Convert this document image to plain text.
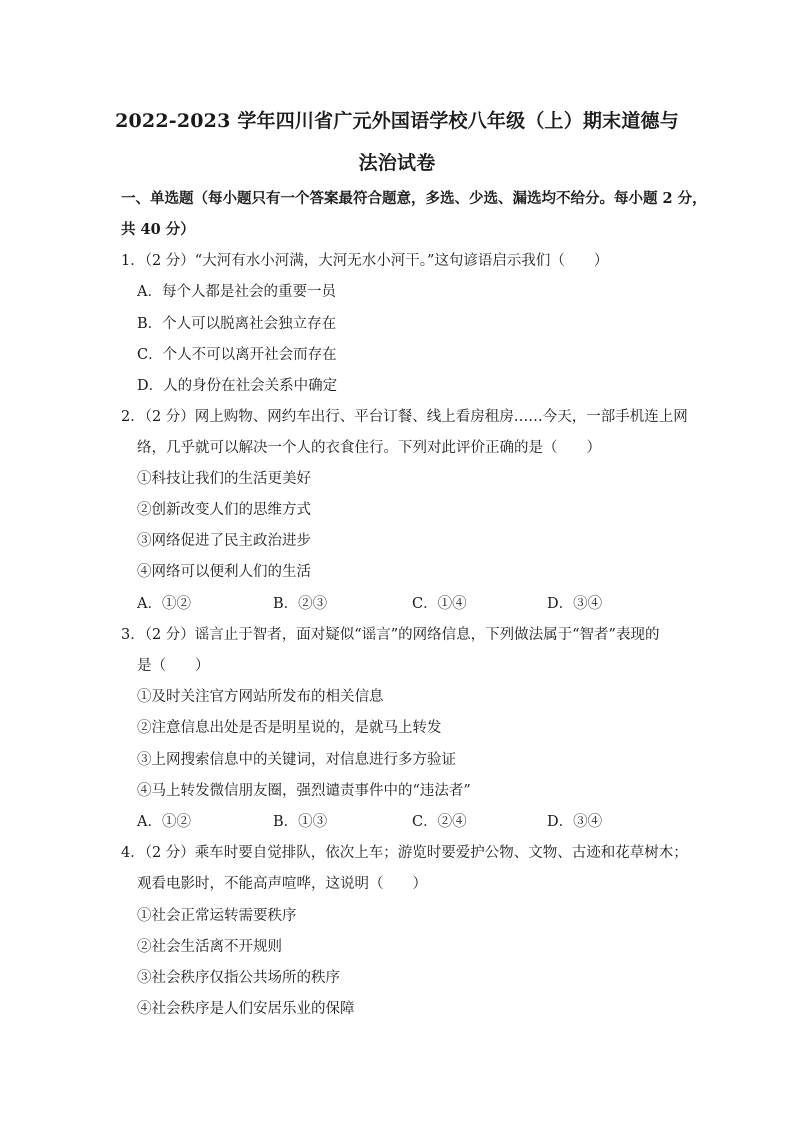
2022-2023 学年四川省广元外国语学校八年级（上）期末道德与
法治试卷
一、单选题（每小题只有一个答案最符合题意，多选、少选、漏选均不给分。每小题 2 分，
共 40 分）
1．（2 分）“大河有水小河满，大河无水小河干。”这句谚语启示我们（　　）
A．每个人都是社会的重要一员
B．个人可以脱离社会独立存在
C．个人不可以离开社会而存在
D．人的身份在社会关系中确定
2．（2 分）网上购物、网约车出行、平台订餐、线上看房租房……今天，一部手机连上网
络，几乎就可以解决一个人的衣食住行。下列对此评价正确的是（　　）
①科技让我们的生活更美好
②创新改变人们的思维方式
③网络促进了民主政治进步
④网络可以便利人们的生活
A．①②	B．②③	C．①④	D．③④
3．（2 分）谣言止于智者，面对疑似“谣言”的网络信息，下列做法属于“智者”表现的
是（　　）
①及时关注官方网站所发布的相关信息
②注意信息出处是否是明星说的，是就马上转发
③上网搜索信息中的关键词，对信息进行多方验证
④马上转发微信朋友圈，强烈谴责事件中的“违法者”
A．①②	B．①③	C．②④	D．③④
4．（2 分）乘车时要自觉排队，依次上车；游览时要爱护公物、文物、古迹和花草树木；
观看电影时，不能高声喧哗，这说明（　　）
①社会正常运转需要秩序
②社会生活离不开规则
③社会秩序仅指公共场所的秩序
④社会秩序是人们安居乐业的保障
